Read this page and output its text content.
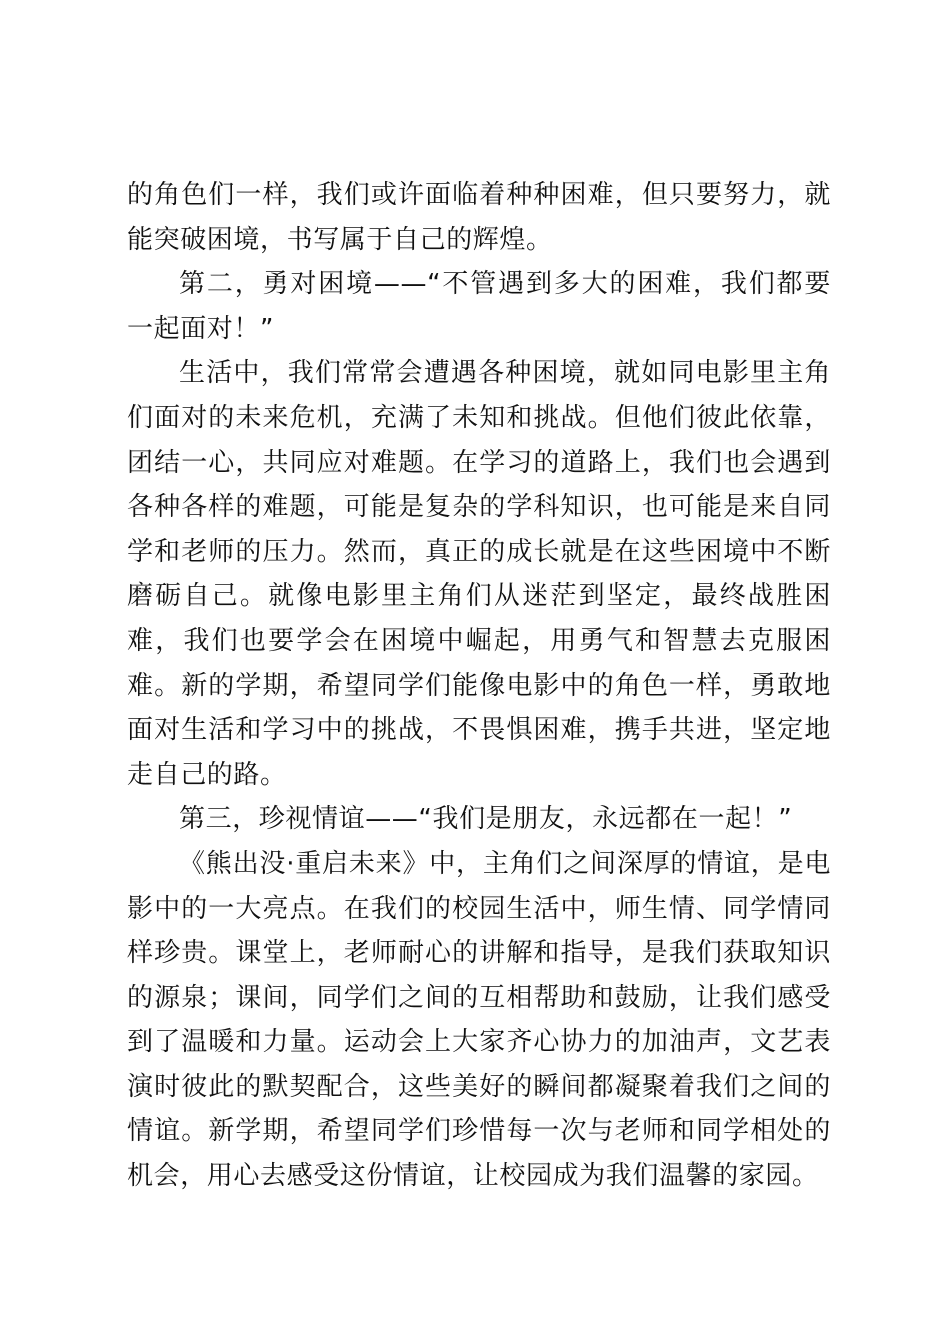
的角色们一样，我们或许面临着种种困难，但只要努力，就能突破困境，书写属于自己的辉煌。

第二，勇对困境——“不管遇到多大的困难，我们都要一起面对！”

生活中，我们常常会遭遇各种困境，就如同电影里主角们面对的未来危机，充满了未知和挑战。但他们彼此依靠，团结一心，共同应对难题。在学习的道路上，我们也会遇到各种各样的难题，可能是复杂的学科知识，也可能是来自同学和老师的压力。然而，真正的成长就是在这些困境中不断磨砺自己。就像电影里主角们从迷茫到坚定，最终战胜困难，我们也要学会在困境中崛起，用勇气和智慧去克服困难。新的学期，希望同学们能像电影中的角色一样，勇敢地面对生活和学习中的挑战，不畏惧困难，携手共进，坚定地走自己的路。

第三，珍视情谊——“我们是朋友，永远都在一起！”

《熊出没·重启未来》中，主角们之间深厚的情谊，是电影中的一大亮点。在我们的校园生活中，师生情、同学情同样珍贵。课堂上，老师耐心的讲解和指导，是我们获取知识的源泉；课间，同学们之间的互相帮助和鼓励，让我们感受到了温暖和力量。运动会上大家齐心协力的加油声，文艺表演时彼此的默契配合，这些美好的瞬间都凝聚着我们之间的情谊。新学期，希望同学们珍惜每一次与老师和同学相处的机会，用心去感受这份情谊，让校园成为我们温馨的家园。
